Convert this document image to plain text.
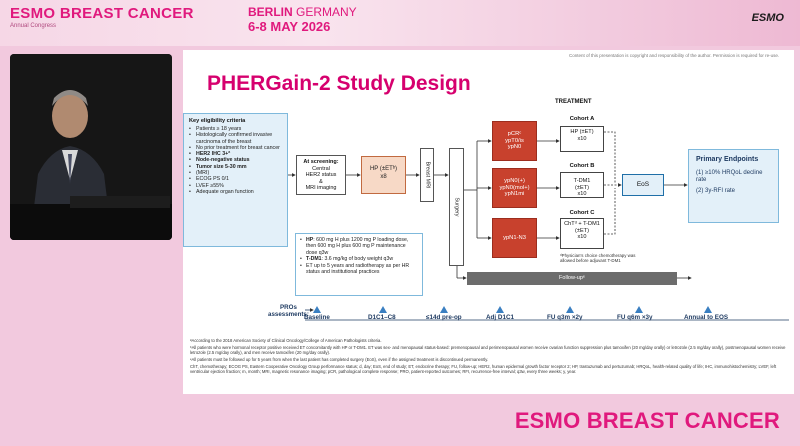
ESMO BREAST CANCER
Annual Congress
BERLIN GERMANY
6-8 MAY 2026
ESMO
Content of this presentation is copyright and responsibility of the author. Permission is required for re-use.
PHERGain-2 Study Design
Key eligibility criteria
• Patients ≥ 18 years
• Histologically confirmed invasive carcinoma of the breast
• No prior treatment for breast cancer
• HER2 IHC 3+ª
• Node-negative status
• Tumor size 5-30 mm
• (MRI)
• ECOG PS 0/1
• LVEF ≥55%
• Adequate organ function
At screening:
Central
HER2 status
&
MRI imaging
HP (±ETᵇ)
x8	Breast MRI
Surgery
pCRᶜ
ypT0/is
ypN0
ypN0(+)
ypN0(mol+)
ypN1mi
ypN1-N3
TREATMENT
Cohort A
HP (±ET)
x10
Cohort B
T-DM1
(±ET)
x10
Cohort C
ChTᵈ + T-DM1
(±ET)
x10
ᵈPhysician's choice chemotherapy was allowed before adjuvant T-DM1
EoS
Primary Endpoints

(1) ≥10% HRQoL decline rate

(2) 3y-RFI rate

• HP: 600 mg H plus 1200 mg P loading dose, then 600 mg H plus 600 mg P maintenance dose q3w
• T-DM1: 3.6 mg/kg of body weight q3w
• ET up to 5 years and radiotherapy as per HR status and institutional practices
Follow-upᵉ
PROs
assessments:
Baseline	D1C1–C8	≤14d pre-op	Adj D1C1	FU q3m ×2y	FU q6m ×3y	Annual to EOS

ªAccording to the 2018 American Society of Clinical Oncology/College of American Pathologists criteria.

ᵇAll patients who were hormonal receptor positive received ET concomitantly with HP or T-DM1. ET was sex- and menopausal status-based: premenopausal and perimenopausal women receive ovarian function suppression plus tamoxifen (20 mg/day orally) or letrozole (2.5 mg/day orally), postmenopausal women receive letrozole (2.5 mg/day orally), and men receive tamoxifen (20 mg/day orally).

ᵉAll patients must be followed up for 5 years from when the last patient has completed surgery (EoS), even if the assigned treatment is discontinued permanently.

ChT, chemotherapy; ECOG PS, Eastern Cooperative Oncology Group performance status; d, day; EoS, end of study; ET, endocrine therapy; FU, follow-up; HER2, human epidermal growth factor receptor 2; HP, trastuzumab and pertuzumab; HRQoL, health-related quality of life; IHC, immunohistochemistry; LVEF, left ventricular ejection fraction; m, month; MRI, magnetic resonance imaging; pCR, pathological complete response; PRO, patient-reported outcomes; RFI, recurrence-free interval; q3w, every three weeks; y, year.

ESMO BREAST CANCER
